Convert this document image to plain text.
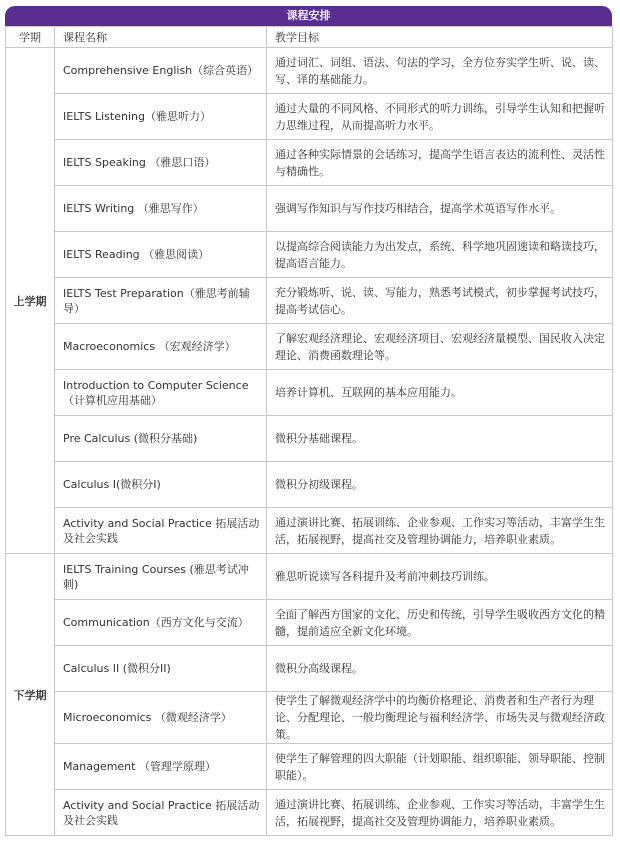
课程安排
学期	课程名称	教学目标
上学期	Comprehensive English（综合英语）	通过词汇、词组、语法、句法的学习，全方位夯实学生听、说、读、写、译的基础能力。
	IELTS Listening（雅思听力）	通过大量的不同风格、不同形式的听力训练，引导学生认知和把握听力思维过程，从而提高听力水平。
	IELTS Speaking （雅思口语）	通过各种实际情景的会话练习，提高学生语言表达的流利性、灵活性与精确性。
	IELTS Writing （雅思写作）	强调写作知识与写作技巧相结合，提高学术英语写作水平。
	IELTS Reading （雅思阅读）	以提高综合阅读能力为出发点，系统、科学地巩固速读和略读技巧，提高语言能力。
	IELTS Test Preparation（雅思考前辅导）	充分锻炼听、说、读、写能力，熟悉考试模式，初步掌握考试技巧，提高考试信心。
	Macroeconomics （宏观经济学）	了解宏观经济理论、宏观经济项目、宏观经济量模型、国民收入决定理论、消费函数理论等。
	Introduction to Computer Science（计算机应用基础）	培养计算机、互联网的基本应用能力。
	Pre Calculus (微积分基础)	微积分基础课程。
	Calculus Ⅰ(微积分Ⅰ)	微积分初级课程。
	Activity and Social Practice 拓展活动及社会实践	通过演讲比赛、拓展训练、企业参观、工作实习等活动，丰富学生生活，拓展视野，提高社交及管理协调能力，培养职业素质。
下学期	IELTS Training Courses (雅思考试冲刺)	雅思听说读写各科提升及考前冲刺技巧训练。
	Communication（西方文化与交流）	全面了解西方国家的文化、历史和传统，引导学生吸收西方文化的精髓，提前适应全新文化环境。
	Calculus II (微积分II)	微积分高级课程。
	Microeconomics （微观经济学）	使学生了解微观经济学中的均衡价格理论、消费者和生产者行为理论、分配理论、一般均衡理论与福利经济学、市场失灵与微观经济政策。
	Management （管理学原理）	使学生了解管理的四大职能（计划职能、组织职能、领导职能、控制职能）。
	Activity and Social Practice 拓展活动及社会实践	通过演讲比赛、拓展训练、企业参观、工作实习等活动，丰富学生生活，拓展视野，提高社交及管理协调能力，培养职业素质。
